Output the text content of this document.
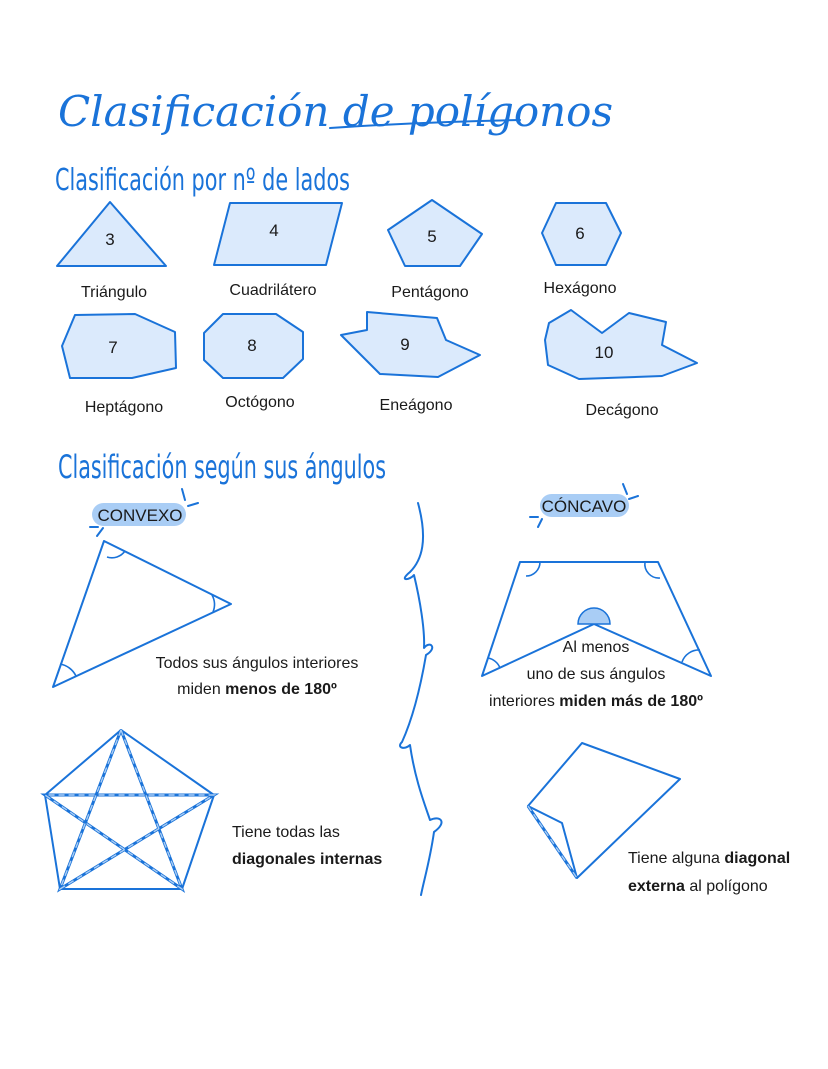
Clasificación de polígonos
Clasificación por nº de lados
3
Triángulo
4
Cuadrilátero
5
Pentágono
6
Hexágono
7
Heptágono
8
Octógono
9
Eneágono
10
Decágono
Clasificación según sus ángulos
CONVEXO
Todos sus ángulos interiores
miden menos de 180º
Tiene todas las
diagonales internas
CÓNCAVO
Al menos
uno de sus ángulos
interiores miden más de 180º
Tiene alguna diagonal
externa al polígono
